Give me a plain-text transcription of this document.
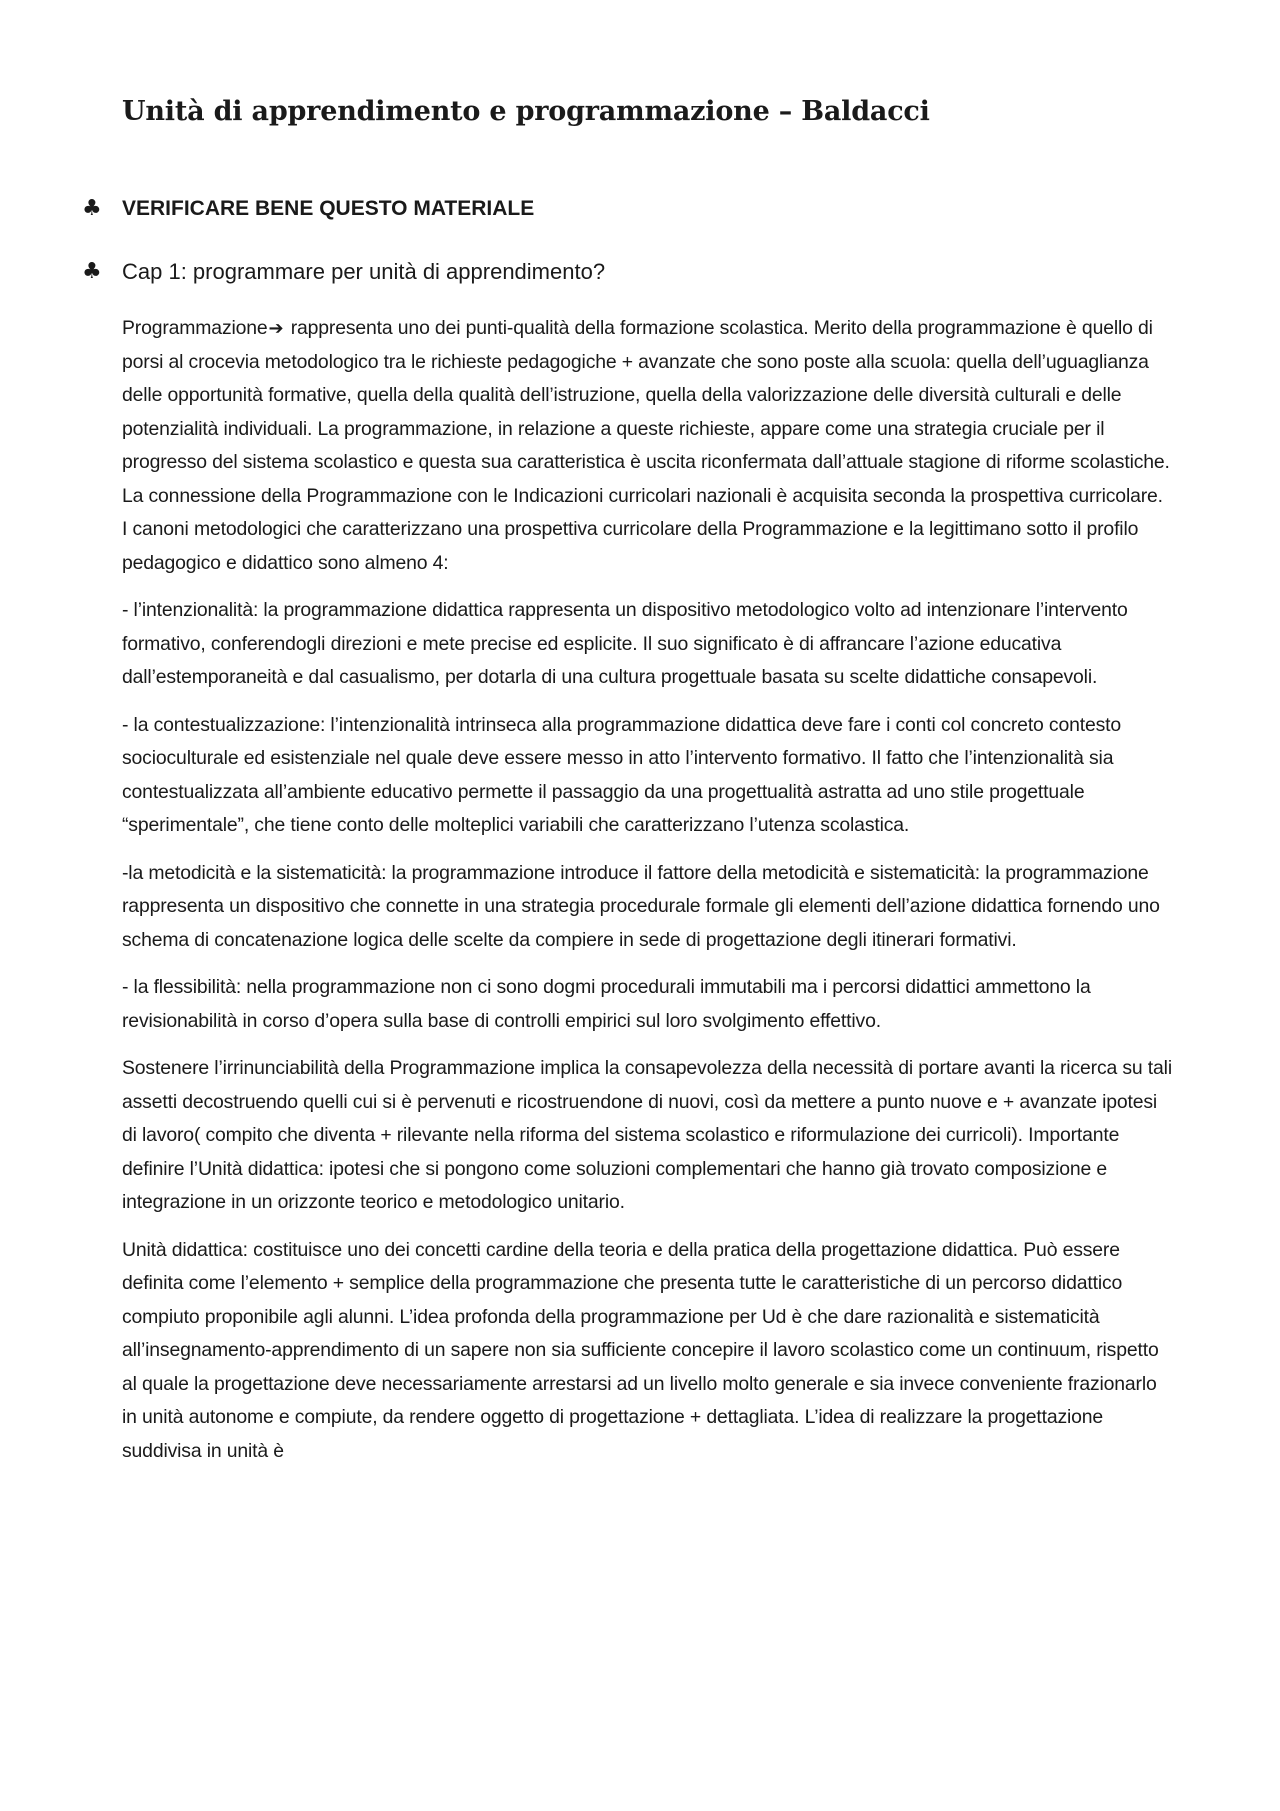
Unità di apprendimento e programmazione – Baldacci
♣ VERIFICARE BENE QUESTO MATERIALE
♣ Cap 1: programmare per unità di apprendimento?

Programmazione➔ rappresenta uno dei punti-qualità della formazione scolastica. Merito della programmazione è quello di porsi al crocevia metodologico tra le richieste pedagogiche + avanzate che sono poste alla scuola: quella dell’uguaglianza delle opportunità formative, quella della qualità dell’istruzione, quella della valorizzazione delle diversità culturali e delle potenzialità individuali. La programmazione, in relazione a queste richieste, appare come una strategia cruciale per il progresso del sistema scolastico e questa sua caratteristica è uscita riconfermata dall’attuale stagione di riforme scolastiche. La connessione della Programmazione con le Indicazioni curricolari nazionali è acquisita seconda la prospettiva curricolare. I canoni metodologici che caratterizzano una prospettiva curricolare della Programmazione e la legittimano sotto il profilo pedagogico e didattico sono almeno 4:

- l’intenzionalità: la programmazione didattica rappresenta un dispositivo metodologico volto ad intenzionare l’intervento formativo, conferendogli direzioni e mete precise ed esplicite. Il suo significato è di affrancare l’azione educativa dall’estemporaneità e dal casualismo, per dotarla di una cultura progettuale basata su scelte didattiche consapevoli.

- la contestualizzazione: l’intenzionalità intrinseca alla programmazione didattica deve fare i conti col concreto contesto socioculturale ed esistenziale nel quale deve essere messo in atto l’intervento formativo. Il fatto che l’intenzionalità sia contestualizzata all’ambiente educativo permette il passaggio da una progettualità astratta ad uno stile progettuale “sperimentale”, che tiene conto delle molteplici variabili che caratterizzano l’utenza scolastica.

-la metodicità e la sistematicità: la programmazione introduce il fattore della metodicità e sistematicità: la programmazione rappresenta un dispositivo che connette in una strategia procedurale formale gli elementi dell’azione didattica fornendo uno schema di concatenazione logica delle scelte da compiere in sede di progettazione degli itinerari formativi.

- la flessibilità: nella programmazione non ci sono dogmi procedurali immutabili ma i percorsi didattici ammettono la revisionabilità in corso d’opera sulla base di controlli empirici sul loro svolgimento effettivo.

Sostenere l’irrinunciabilità della Programmazione implica la consapevolezza della necessità di portare avanti la ricerca su tali assetti decostruendo quelli cui si è pervenuti e ricostruendone di nuovi, così da mettere a punto nuove e + avanzate ipotesi di lavoro( compito che diventa + rilevante nella riforma del sistema scolastico e riformulazione dei curricoli). Importante definire l’Unità didattica: ipotesi che si pongono come soluzioni complementari che hanno già trovato composizione e integrazione in un orizzonte teorico e metodologico unitario.

Unità didattica: costituisce uno dei concetti cardine della teoria e della pratica della progettazione didattica. Può essere definita come l’elemento + semplice della programmazione che presenta tutte le caratteristiche di un percorso didattico compiuto proponibile agli alunni. L’idea profonda della programmazione per Ud è che dare razionalità e sistematicità all’insegnamento-apprendimento di un sapere non sia sufficiente concepire il lavoro scolastico come un continuum, rispetto al quale la progettazione deve necessariamente arrestarsi ad un livello molto generale e sia invece conveniente frazionarlo in unità autonome e compiute, da rendere oggetto di progettazione + dettagliata. L’idea di realizzare la progettazione suddivisa in unità è
